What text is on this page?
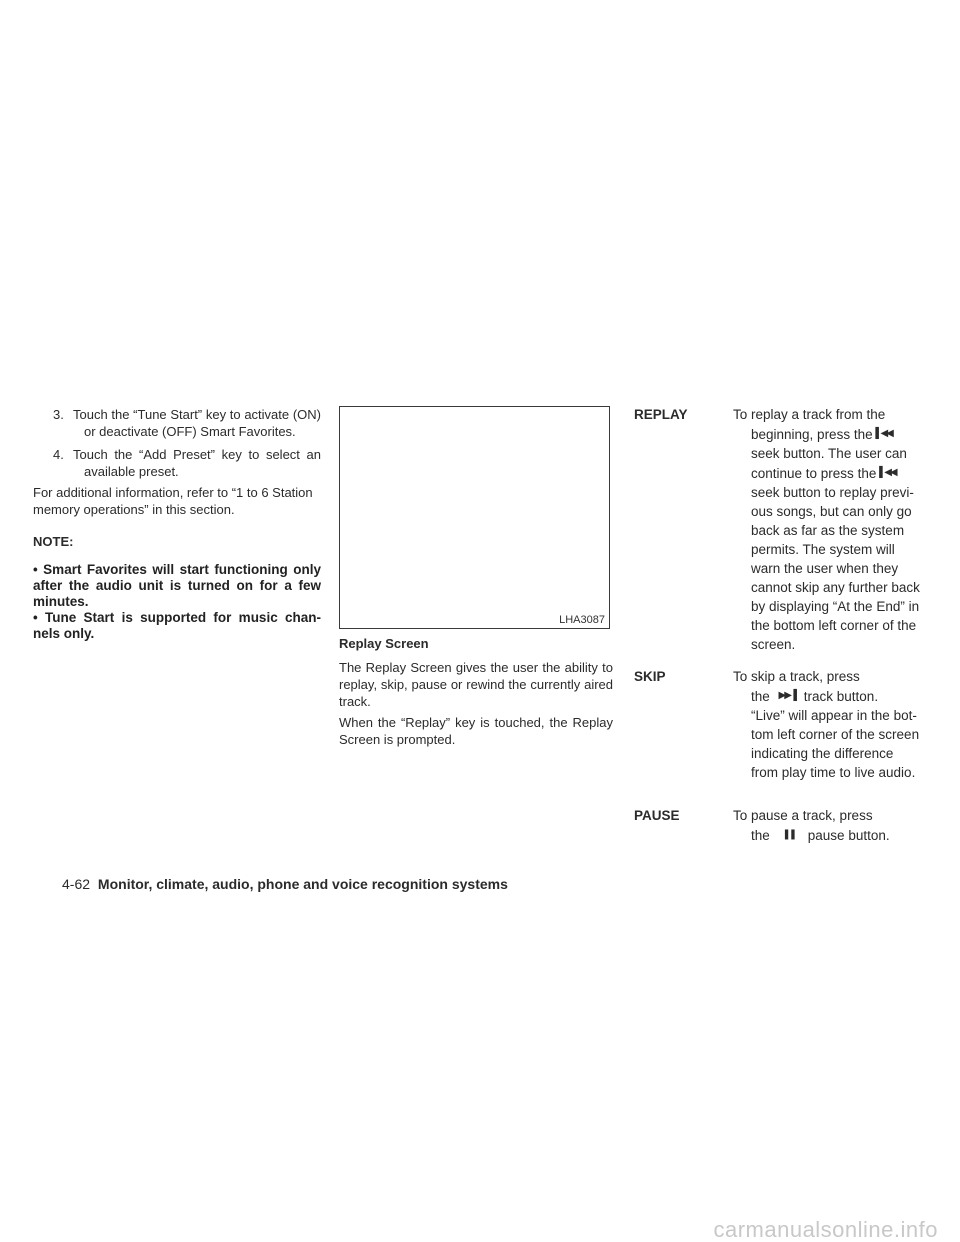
3. Touch the “Tune Start” key to activate (ON)
or deactivate (OFF) Smart Favorites.
4. Touch the “Add Preset” key to select an
available preset.
For additional information, refer to “1 to 6 Station memory operations” in this section.
NOTE:
• Smart Favorites will start functioning only
after the audio unit is turned on for a few
minutes.
• Tune Start is supported for music chan-
nels only.
LHA3087
Replay Screen
The Replay Screen gives the user the ability to replay, skip, pause or rewind the currently aired track.
When the “Replay” key is touched, the Replay Screen is prompted.
REPLAY	To replay a track from the
beginning, press the ▌◀◀
seek button. The user can
continue to press the ▌◀◀
seek button to replay previ-
ous songs, but can only go
back as far as the system
permits. The system will
warn the user when they
cannot skip any further back
by displaying “At the End” in
the bottom left corner of the
screen.
SKIP	To skip a track, press
the ▶▶▐ track button.
“Live” will appear in the bot-
tom left corner of the screen
indicating the difference
from play time to live audio.
PAUSE	To pause a track, press
the ❚❚ pause button.
4-62 Monitor, climate, audio, phone and voice recognition systems
carmanualsonline.info
